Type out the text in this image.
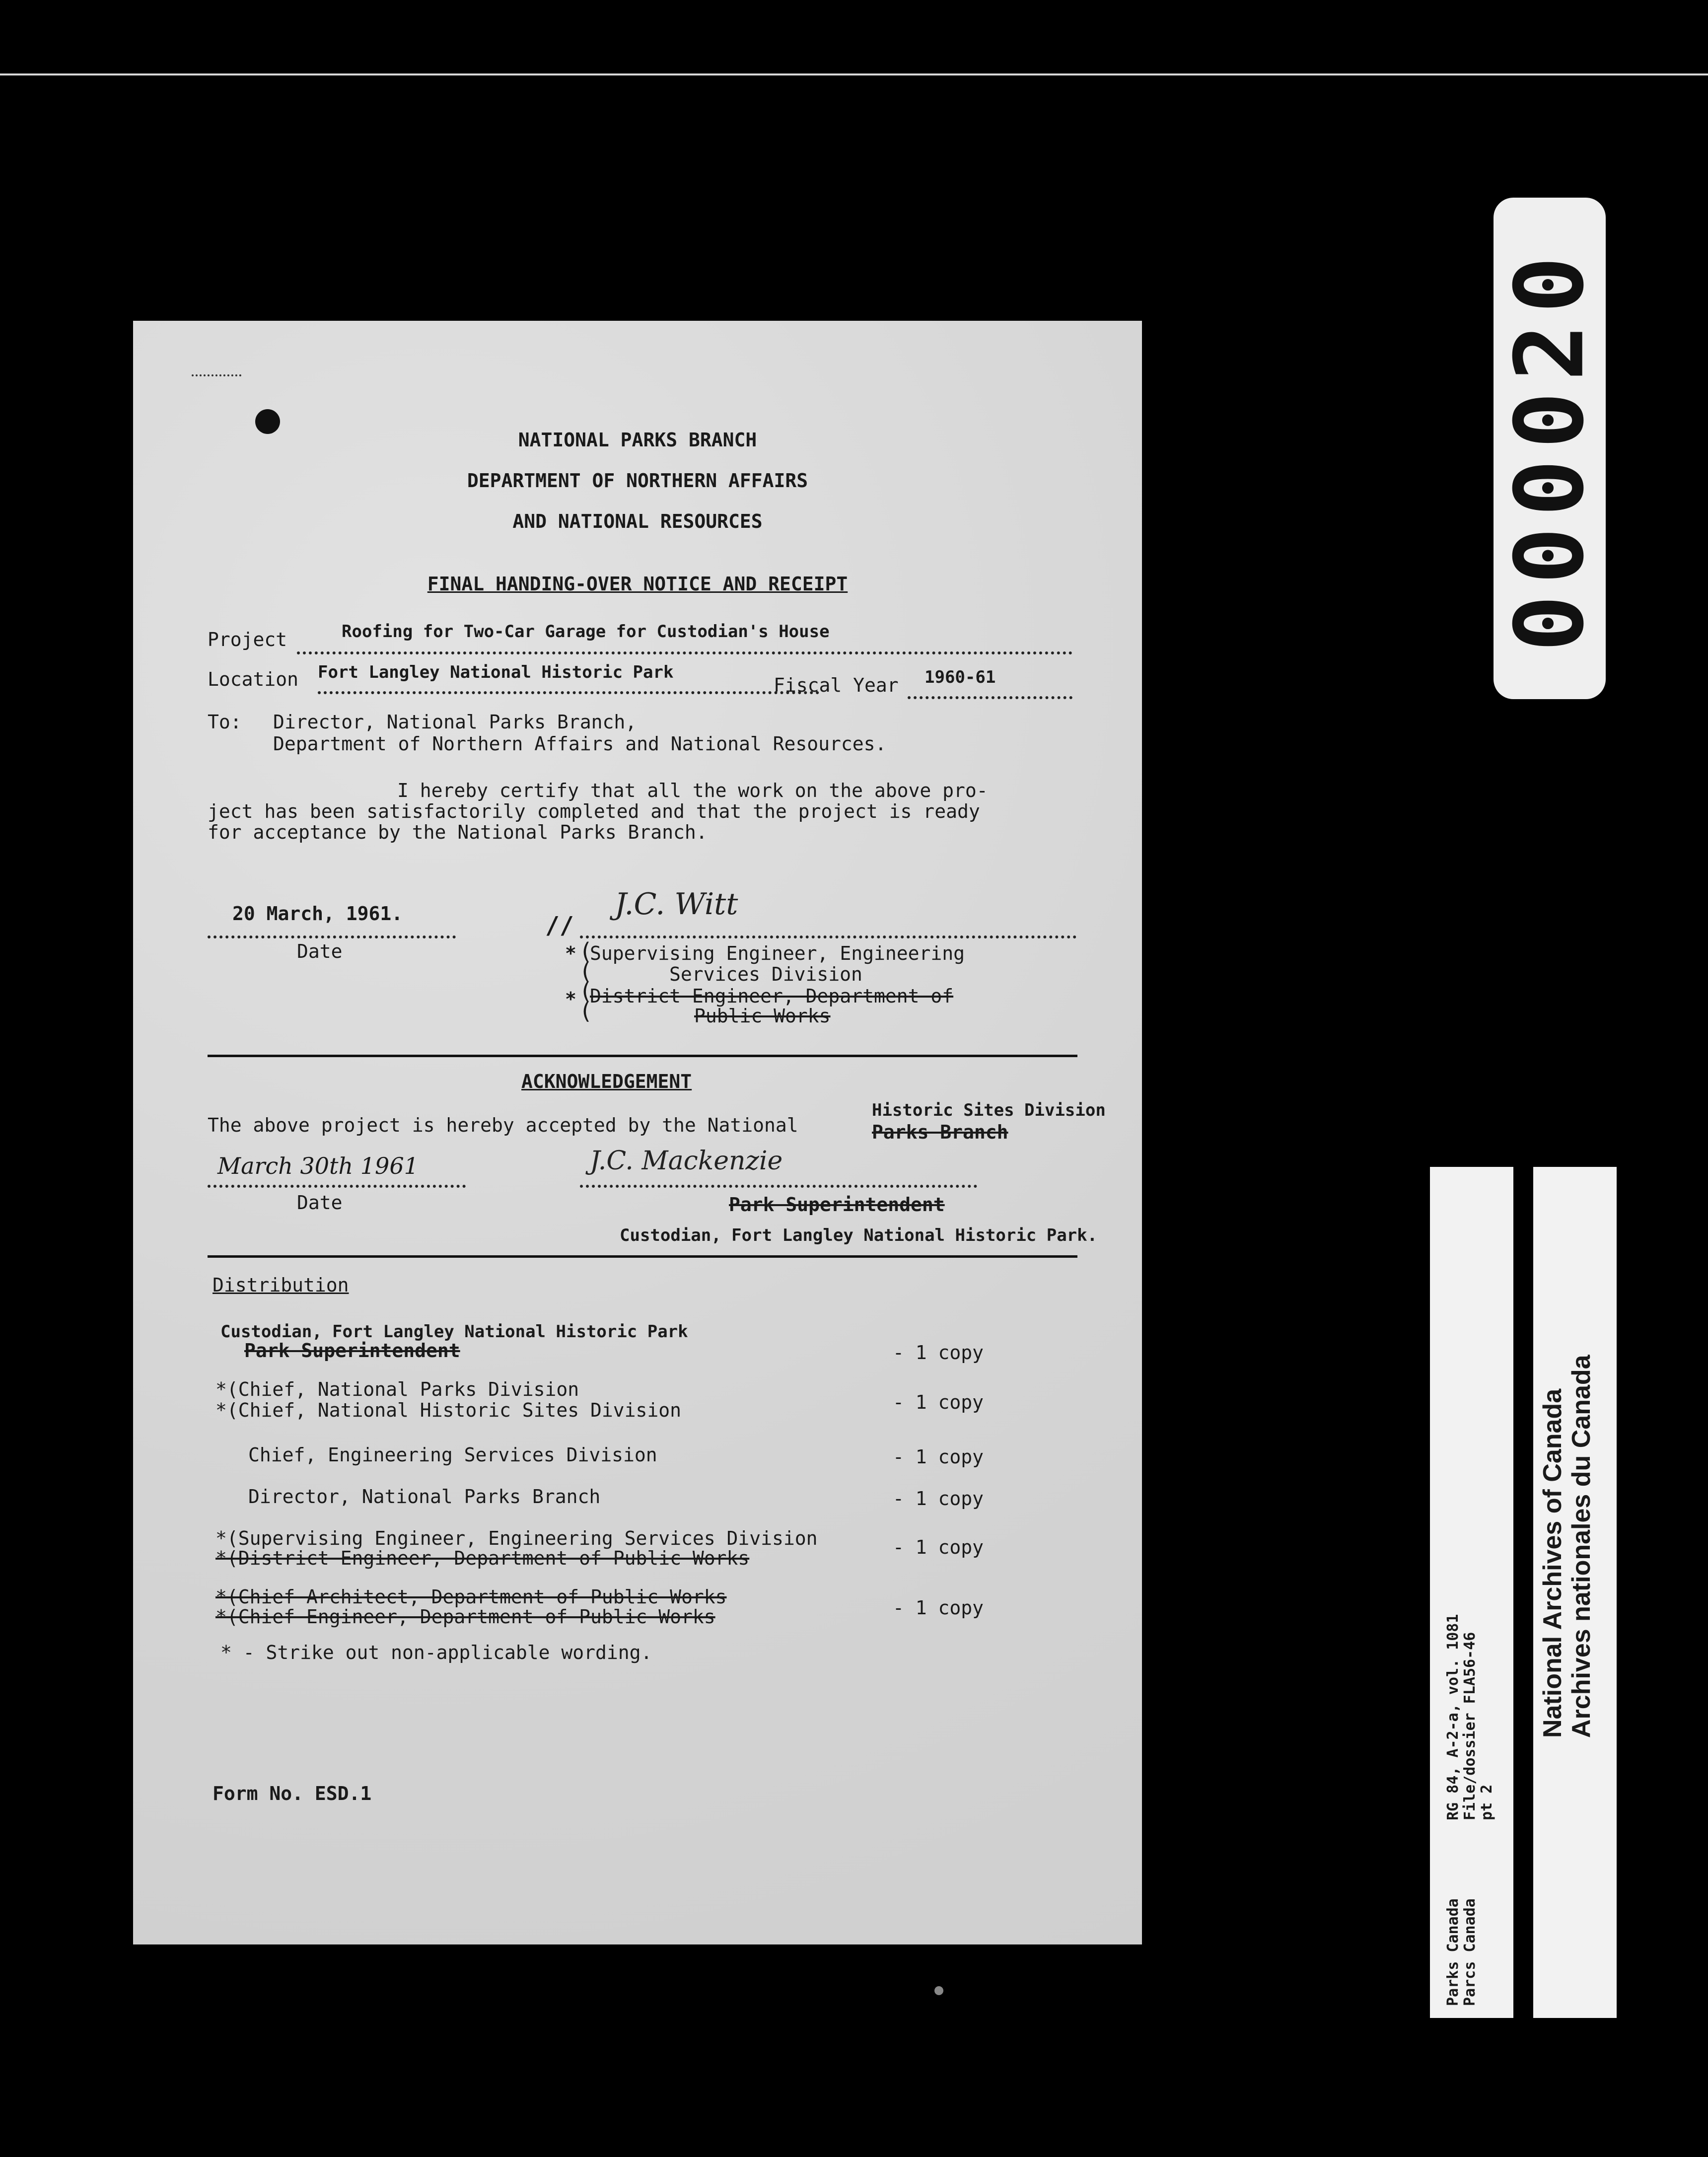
NATIONAL PARKS BRANCH
DEPARTMENT OF NORTHERN AFFAIRS
AND NATIONAL RESOURCES
FINAL HANDING-OVER NOTICE AND RECEIPT
Project	Roofing for Two-Car Garage for Custodian's House
Location Fort Langley National Historic Park
Fiscal Year 1960-61
To: Director, National Parks Branch,
Department of Northern Affairs and National Resources.
I hereby certify that all the work on the above pro-
ject has been satisfactorily completed and that the project is ready
for acceptance by the National Parks Branch.
20 March, 1961.
Date
J.C. Witt
//
* (
(
(
(
Supervising Engineer, Engineering
Services Division
* District Engineer, Department of
Public Works
ACKNOWLEDGEMENT
Historic Sites Division
The above project is hereby accepted by the National	Parks Branch
March 30th 1961
Date
J.C. Mackenzie
Park Superintendent
Custodian, Fort Langley National Historic Park.
Distribution
Custodian, Fort Langley National Historic Park
Park Superintendent	- 1 copy
*(Chief, National Parks Division
*(Chief, National Historic Sites Division	- 1 copy
Chief, Engineering Services Division	- 1 copy
Director, National Parks Branch	- 1 copy
*(Supervising Engineer, Engineering Services Division
*(District Engineer, Department of Public Works	- 1 copy
*(Chief Architect, Department of Public Works
*(Chief Engineer, Department of Public Works	- 1 copy
* - Strike out non-applicable wording.
Form No. ESD.1
000020
RG 84, A-2-a, vol. 1081 File/dossier FLA56-46 pt 2
Parks Canada Parcs Canada
National Archives of Canada Archives nationales du Canada
